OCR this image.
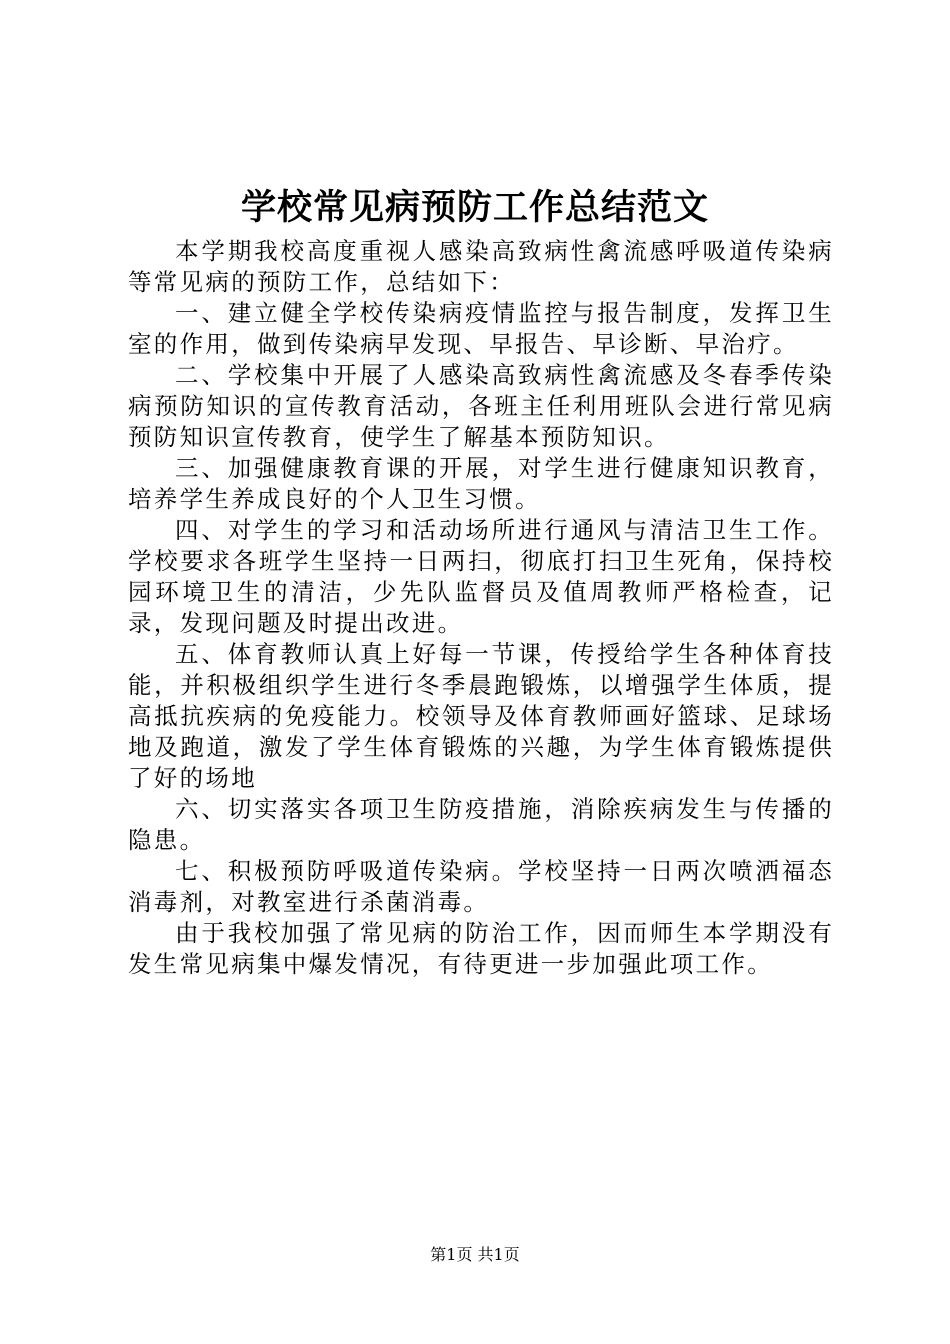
学校常见病预防工作总结范文

本学期我校高度重视人感染高致病性禽流感呼吸道传染病等常见病的预防工作，总结如下：

一、建立健全学校传染病疫情监控与报告制度，发挥卫生室的作用，做到传染病早发现、早报告、早诊断、早治疗。

二、学校集中开展了人感染高致病性禽流感及冬春季传染病预防知识的宣传教育活动，各班主任利用班队会进行常见病预防知识宣传教育，使学生了解基本预防知识。

三、加强健康教育课的开展，对学生进行健康知识教育，培养学生养成良好的个人卫生习惯。

四、对学生的学习和活动场所进行通风与清洁卫生工作。学校要求各班学生坚持一日两扫，彻底打扫卫生死角，保持校园环境卫生的清洁，少先队监督员及值周教师严格检查，记录，发现问题及时提出改进。

五、体育教师认真上好每一节课，传授给学生各种体育技能，并积极组织学生进行冬季晨跑锻炼，以增强学生体质，提高抵抗疾病的免疫能力。校领导及体育教师画好篮球、足球场地及跑道，激发了学生体育锻炼的兴趣，为学生体育锻炼提供了好的场地

六、切实落实各项卫生防疫措施，消除疾病发生与传播的隐患。

七、积极预防呼吸道传染病。学校坚持一日两次喷洒福态消毒剂，对教室进行杀菌消毒。

由于我校加强了常见病的防治工作，因而师生本学期没有发生常见病集中爆发情况，有待更进一步加强此项工作。

第1页 共1页
